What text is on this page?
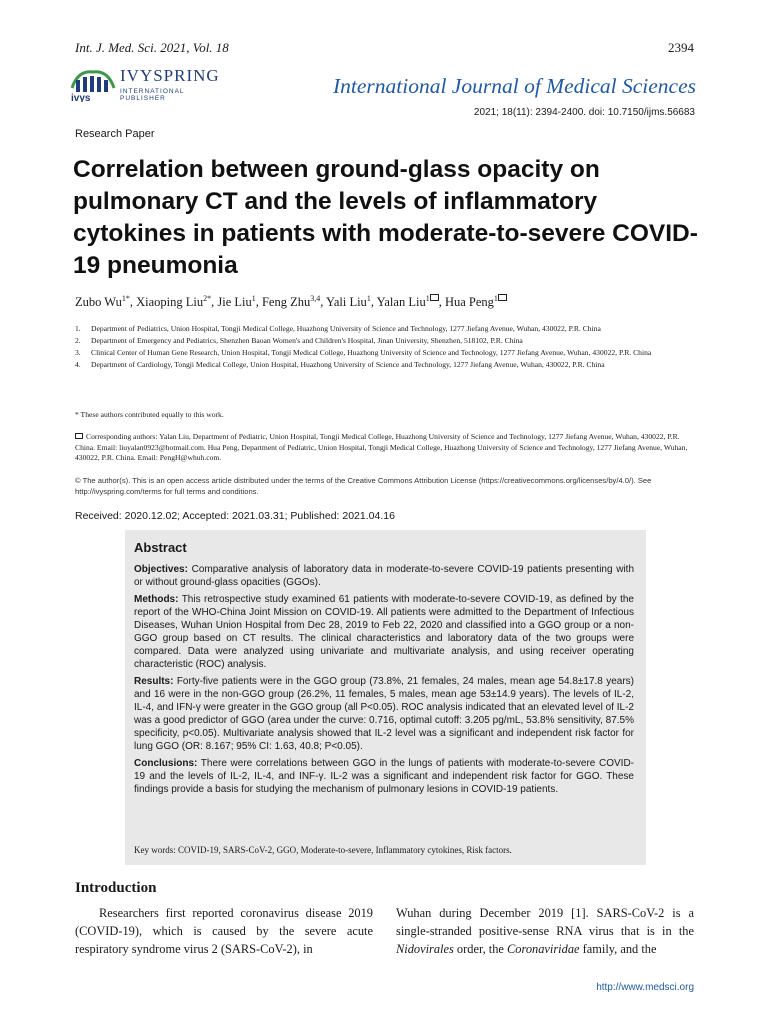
Int. J. Med. Sci. 2021, Vol. 18	2394
ivys
IVYSPRING
INTERNATIONAL PUBLISHER
International Journal of Medical Sciences
2021; 18(11): 2394-2400. doi: 10.7150/ijms.56683
Research Paper
Correlation between ground-glass opacity on pulmonary CT and the levels of inflammatory cytokines in patients with moderate-to-severe COVID-19 pneumonia
Zubo $Wu^{1*}$, Xiaoping Liu$^{2*}$, Jie Liu$^1$, Feng Zhu$^{3,4}$, Yali Liu$^1$, Yalan Liu$^1$ , Hua Peng$^1$
1. Department of Pediatrics, Union Hospital, Tongji Medical College, Huazhong University of Science and Technology, 1277 Jiefang Avenue, Wuhan, 430022, P.R. China
2. Department of Emergency and Pediatrics, Shenzhen Baoan Women's and Children's Hospital, Jinan University, Shenzhen, 518102, P.R. China
3. Clinical Center of Human Gene Research, Union Hospital, Tongji Medical College, Huazhong University of Science and Technology, 1277 Jiefang Avenue, Wuhan, 430022, P.R. China
4. Department of Cardiology, Tongji Medical College, Union Hospital, Huazhong University of Science and Technology, 1277 Jiefang Avenue, Wuhan, 430022, P.R. China
* These authors contributed equally to this work.
Corresponding authors: Yalan Liu, Department of Pediatric, Union Hospital, Tongji Medical College, Huazhong University of Science and Technology, 1277 Jiefang Avenue, Wuhan, 430022, P.R. China. Email: liuyalan0923@hotmail.com. Hua Peng, Department of Pediatric, Union Hospital, Tongji Medical College, Huazhong University of Science and Technology, 1277 Jiefang Avenue, Wuhan, 430022, P.R. China. Email: PengH@whuh.com.
© The author(s). This is an open access article distributed under the terms of the Creative Commons Attribution License (https://creativecommons.org/licenses/by/4.0/). See http://ivyspring.com/terms for full terms and conditions.
Received: 2020.12.02; Accepted: 2021.03.31; Published: 2021.04.16
Abstract

Objectives: Comparative analysis of laboratory data in moderate-to-severe COVID-19 patients presenting with or without ground-glass opacities (GGOs).

Methods: This retrospective study examined 61 patients with moderate-to-severe COVID-19, as defined by the report of the WHO-China Joint Mission on COVID-19. All patients were admitted to the Department of Infectious Diseases, Wuhan Union Hospital from Dec 28, 2019 to Feb 22, 2020 and classified into a GGO group or a non-GGO group based on CT results. The clinical characteristics and laboratory data of the two groups were compared. Data were analyzed using univariate and multivariate analysis, and using receiver operating characteristic (ROC) analysis.

Results: Forty-five patients were in the GGO group (73.8%, 21 females, 24 males, mean age 54.8±17.8 years) and 16 were in the non-GGO group (26.2%, 11 females, 5 males, mean age 53±14.9 years). The levels of IL-2, IL-4, and IFN-γ were greater in the GGO group (all P<0.05). ROC analysis indicated that an elevated level of IL-2 was a good predictor of GGO (area under the curve: 0.716, optimal cutoff: 3.205 pg/mL, 53.8% sensitivity, 87.5% specificity, p<0.05). Multivariate analysis showed that IL-2 level was a significant and independent risk factor for lung GGO (OR: 8.167; 95% CI: 1.63, 40.8; P<0.05).

Conclusions: There were correlations between GGO in the lungs of patients with moderate-to-severe COVID-19 and the levels of IL-2, IL-4, and INF-γ. IL-2 was a significant and independent risk factor for GGO. These findings provide a basis for studying the mechanism of pulmonary lesions in COVID-19 patients.

Key words: COVID-19, SARS-CoV-2, GGO, Moderate-to-severe, Inflammatory cytokines, Risk factors.
Introduction

Researchers first reported coronavirus disease 2019 (COVID-19), which is caused by the severe acute respiratory syndrome virus 2 (SARS-CoV-2), in

Wuhan during December 2019 [1]. SARS-CoV-2 is a single-stranded positive-sense RNA virus that is in the Nidovirales order, the Coronaviridae family, and the

http://www.medsci.org
